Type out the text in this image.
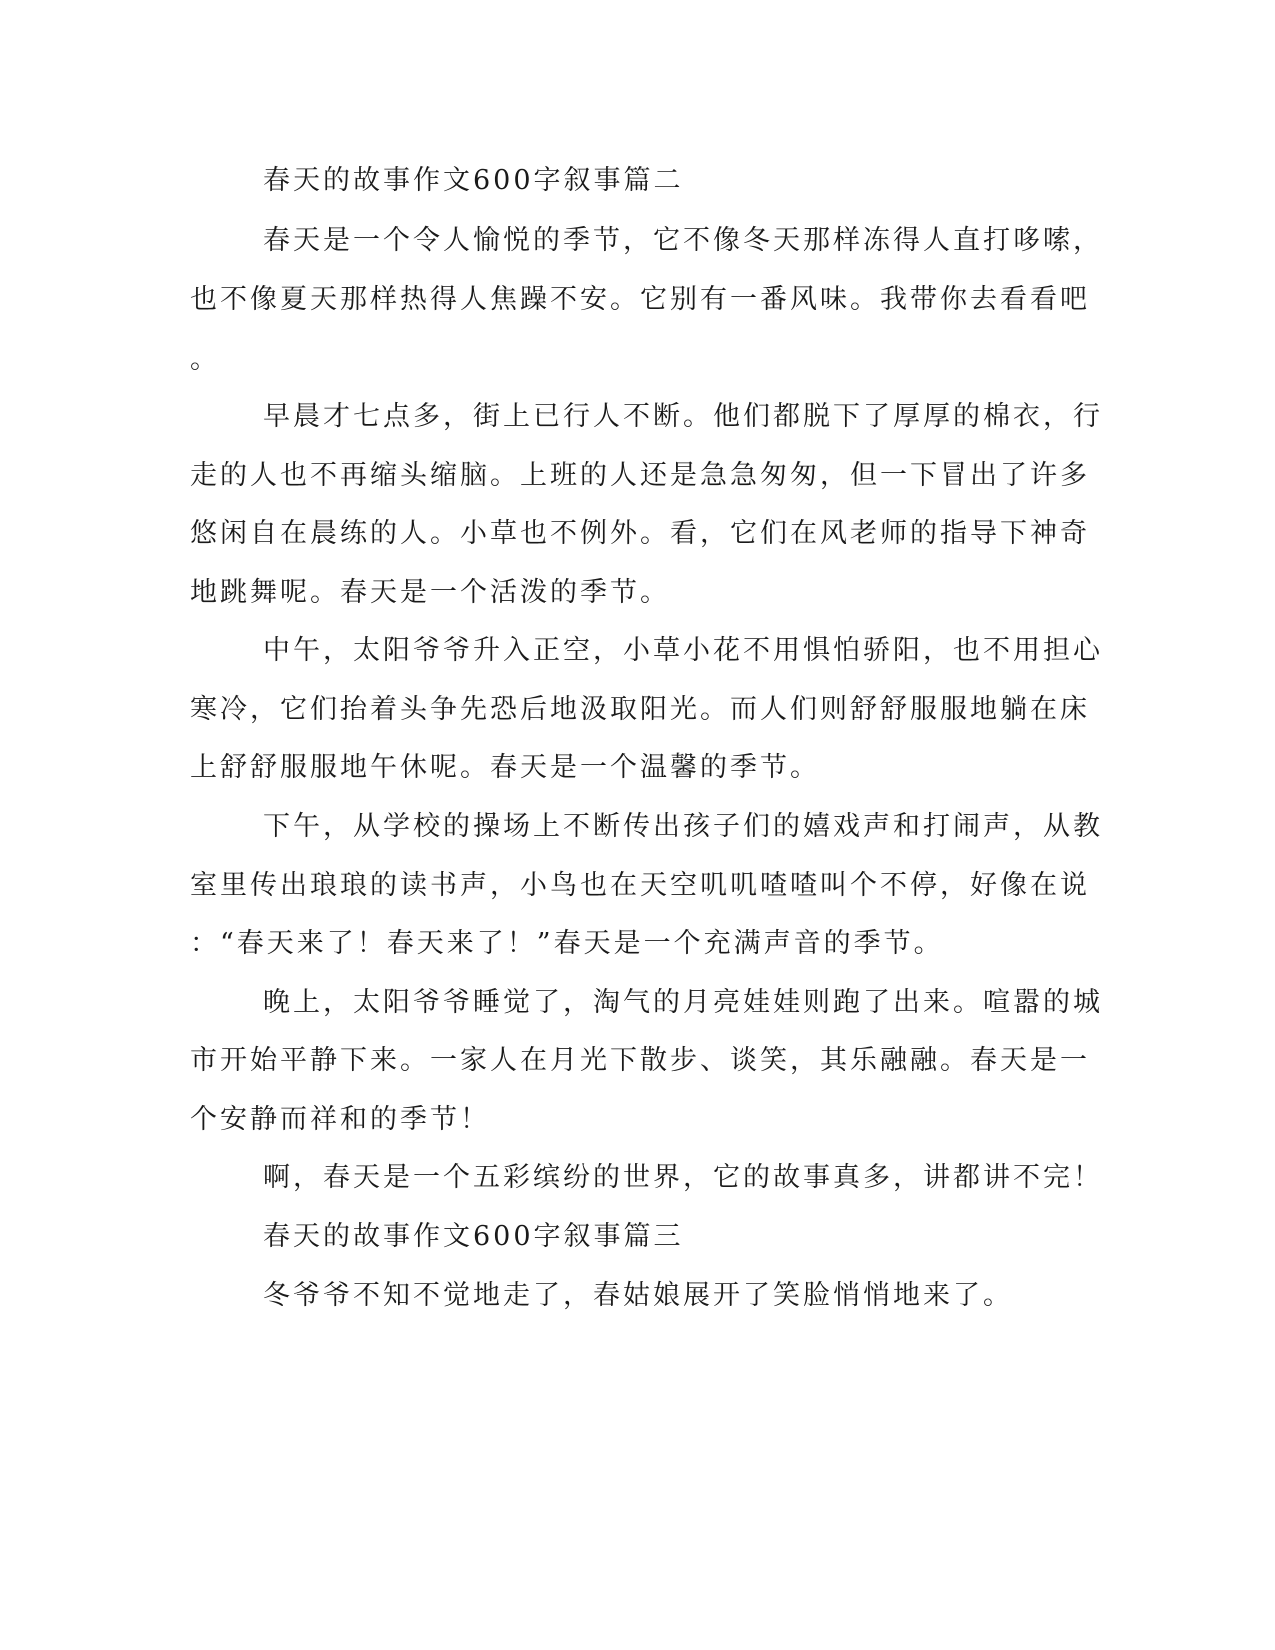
春天的故事作文600字叙事篇二
春天是一个令人愉悦的季节，它不像冬天那样冻得人直打哆嗦，
也不像夏天那样热得人焦躁不安。它别有一番风味。我带你去看看吧
。
早晨才七点多，街上已行人不断。他们都脱下了厚厚的棉衣，行
走的人也不再缩头缩脑。上班的人还是急急匆匆，但一下冒出了许多
悠闲自在晨练的人。小草也不例外。看，它们在风老师的指导下神奇
地跳舞呢。春天是一个活泼的季节。
中午，太阳爷爷升入正空，小草小花不用惧怕骄阳，也不用担心
寒冷，它们抬着头争先恐后地汲取阳光。而人们则舒舒服服地躺在床
上舒舒服服地午休呢。春天是一个温馨的季节。
下午，从学校的操场上不断传出孩子们的嬉戏声和打闹声，从教
室里传出琅琅的读书声，小鸟也在天空叽叽喳喳叫个不停，好像在说
：“春天来了！春天来了！”春天是一个充满声音的季节。
晚上，太阳爷爷睡觉了，淘气的月亮娃娃则跑了出来。喧嚣的城
市开始平静下来。一家人在月光下散步、谈笑，其乐融融。春天是一
个安静而祥和的季节！
啊，春天是一个五彩缤纷的世界，它的故事真多，讲都讲不完！
春天的故事作文600字叙事篇三
冬爷爷不知不觉地走了，春姑娘展开了笑脸悄悄地来了。
